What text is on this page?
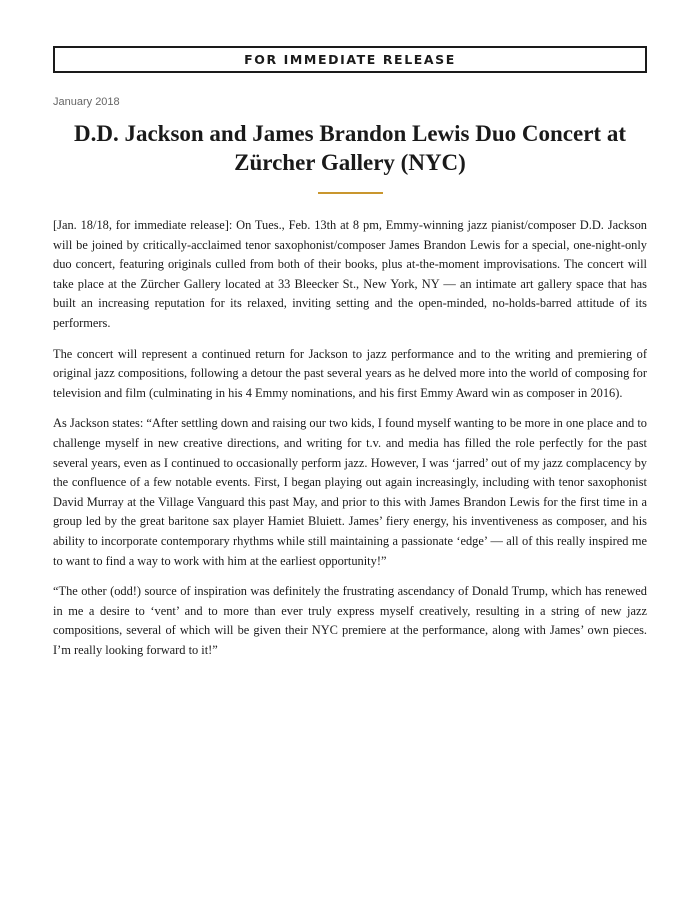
FOR IMMEDIATE RELEASE
January 2018
D.D. Jackson and James Brandon Lewis Duo Concert at
Zürcher Gallery (NYC)

[Jan. 18/18, for immediate release]: On Tues., Feb. 13th at 8 pm, Emmy-winning jazz pianist/composer D.D. Jackson will be joined by critically-acclaimed tenor saxophonist/composer James Brandon Lewis for a special, one-night-only duo concert, featuring originals culled from both of their books, plus at-the-moment improvisations. The concert will take place at the Zürcher Gallery located at 33 Bleecker St., New York, NY — an intimate art gallery space that has built an increasing reputation for its relaxed, inviting setting and the open-minded, no-holds-barred attitude of its performers.

The concert will represent a continued return for Jackson to jazz performance and to the writing and premiering of original jazz compositions, following a detour the past several years as he delved more into the world of composing for television and film (culminating in his 4 Emmy nominations, and his first Emmy Award win as composer in 2016).

As Jackson states: “After settling down and raising our two kids, I found myself wanting to be more in one place and to challenge myself in new creative directions, and writing for t.v. and media has filled the role perfectly for the past several years, even as I continued to occasionally perform jazz. However, I was ‘jarred’ out of my jazz complacency by the confluence of a few notable events. First, I began playing out again increasingly, including with tenor saxophonist David Murray at the Village Vanguard this past May, and prior to this with James Brandon Lewis for the first time in a group led by the great baritone sax player Hamiet Bluiett. James’ fiery energy, his inventiveness as composer, and his ability to incorporate contemporary rhythms while still maintaining a passionate ‘edge’ — all of this really inspired me to want to find a way to work with him at the earliest opportunity!”

“The other (odd!) source of inspiration was definitely the frustrating ascendancy of Donald Trump, which has renewed in me a desire to ‘vent’ and to more than ever truly express myself creatively, resulting in a string of new jazz compositions, several of which will be given their NYC premiere at the performance, along with James’ own pieces. I’m really looking forward to it!”
